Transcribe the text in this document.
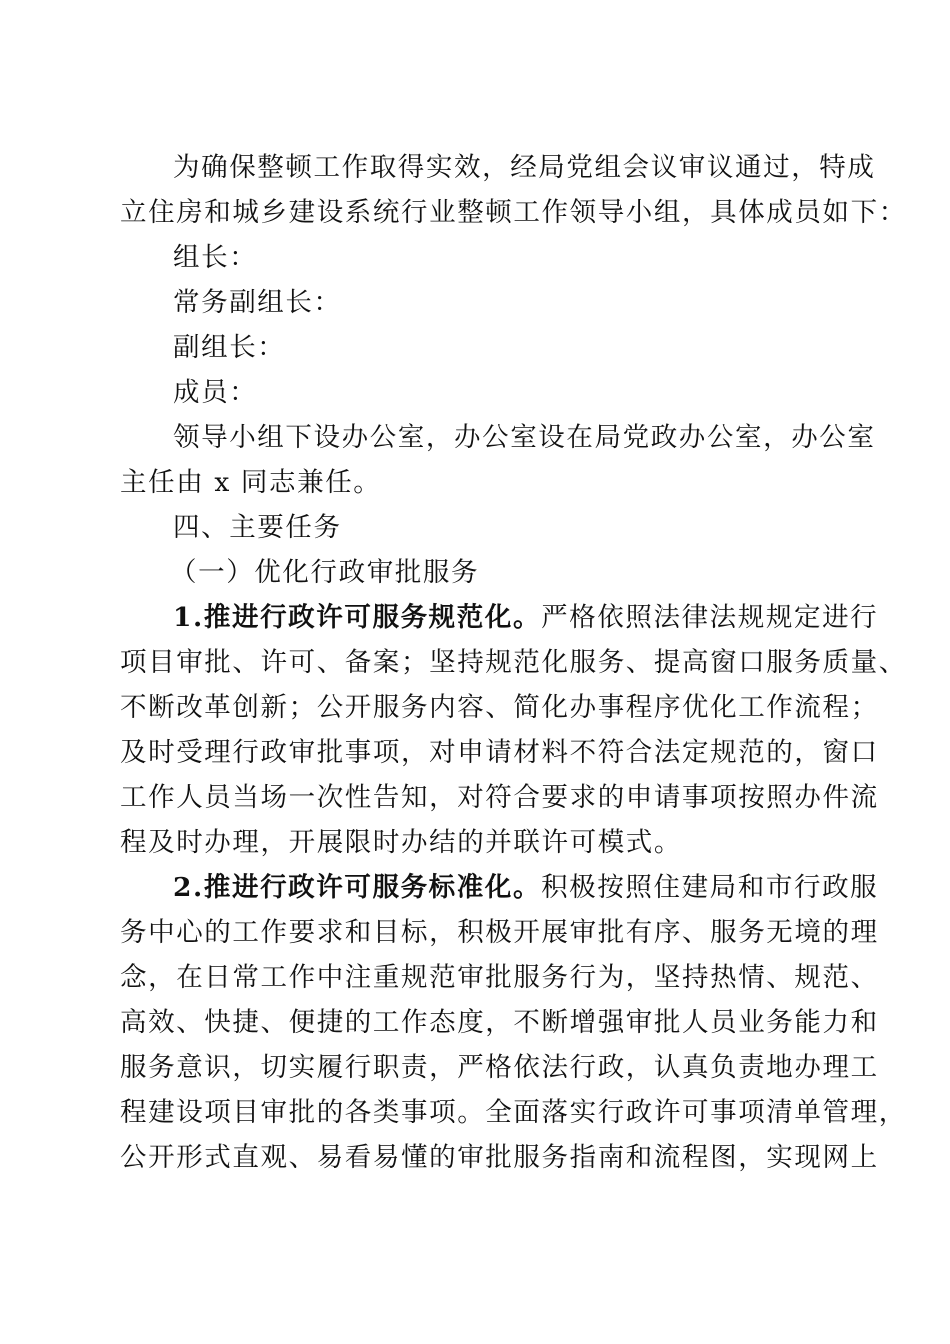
为确保整顿工作取得实效，经局党组会议审议通过，特成
立住房和城乡建设系统行业整顿工作领导小组，具体成员如下：
组长：
常务副组长：
副组长：
成员：
领导小组下设办公室，办公室设在局党政办公室，办公室
主任由 x 同志兼任。
四、主要任务
（一）优化行政审批服务
1.推进行政许可服务规范化。严格依照法律法规规定进行
项目审批、许可、备案；坚持规范化服务、提高窗口服务质量、
不断改革创新；公开服务内容、简化办事程序优化工作流程；
及时受理行政审批事项，对申请材料不符合法定规范的，窗口
工作人员当场一次性告知，对符合要求的申请事项按照办件流
程及时办理，开展限时办结的并联许可模式。
2.推进行政许可服务标准化。积极按照住建局和市行政服
务中心的工作要求和目标，积极开展审批有序、服务无境的理
念，在日常工作中注重规范审批服务行为，坚持热情、规范、
高效、快捷、便捷的工作态度，不断增强审批人员业务能力和
服务意识，切实履行职责，严格依法行政，认真负责地办理工
程建设项目审批的各类事项。全面落实行政许可事项清单管理，
公开形式直观、易看易懂的审批服务指南和流程图，实现网上
